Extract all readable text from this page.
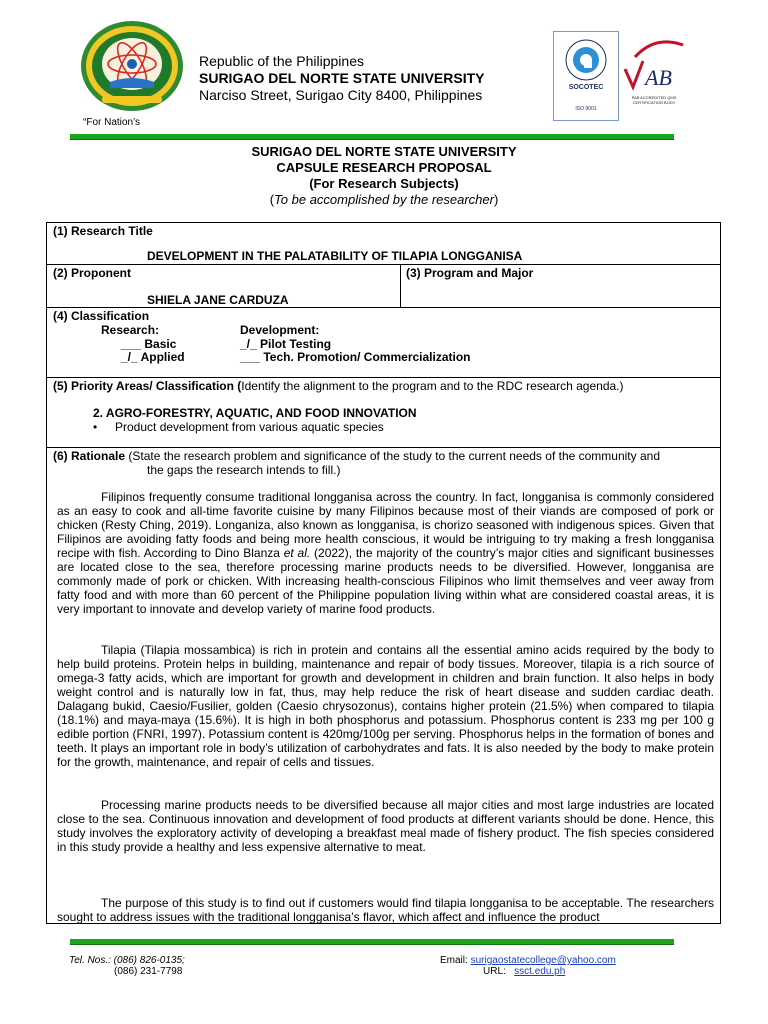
“For Nation’s
Republic of the Philippines
SURIGAO DEL NORTE STATE UNIVERSITY
Narciso Street, Surigao City 8400, Philippines	SOCOTEC
ISO 9001
AB
PAB ACCREDITED QMS CERTIFICATION BODY
SURIGAO DEL NORTE STATE UNIVERSITY
CAPSULE RESEARCH PROPOSAL
(For Research Subjects)
(To be accomplished by the researcher)
(1) Research Title
DEVELOPMENT IN THE PALATABILITY OF TILAPIA LONGGANISA
(2) Proponent
SHIELA JANE CARDUZA
(3) Program and Major
(4) Classification
Research:	Development:
___ Basic
_/_ Applied
_/_ Pilot Testing
___ Tech. Promotion/ Commercialization
(5) Priority Areas/ Classification (Identify the alignment to the program and to the RDC research agenda.)
2. AGRO-FORESTRY, AQUATIC, AND FOOD INNOVATION
• Product development from various aquatic species
(6) Rationale (State the research problem and significance of the study to the current needs of the community and
the gaps the research intends to fill.)
Filipinos frequently consume traditional longganisa across the country. In fact, longganisa is commonly considered as an easy to cook and all-time favorite cuisine by many Filipinos because most of their viands are composed of pork or chicken (Resty Ching, 2019). Longaniza, also known as longganisa, is chorizo seasoned with indigenous spices. Given that Filipinos are avoiding fatty foods and being more health conscious, it would be intriguing to try making a fresh longganisa recipe with fish. According to Dino Blanza et al. (2022), the majority of the country’s major cities and significant businesses are located close to the sea, therefore processing marine products needs to be diversified. However, longganisa are commonly made of pork or chicken. With increasing health-conscious Filipinos who limit themselves and veer away from fatty food and with more than 60 percent of the Philippine population living within what are considered coastal areas, it is very important to innovate and develop variety of marine food products.
Tilapia (Tilapia mossambica) is rich in protein and contains all the essential amino acids required by the body to help build proteins. Protein helps in building, maintenance and repair of body tissues. Moreover, tilapia is a rich source of omega-3 fatty acids, which are important for growth and development in children and brain function. It also helps in body weight control and is naturally low in fat, thus, may help reduce the risk of heart disease and sudden cardiac death. Dalagang bukid, Caesio/Fusilier, golden (Caesio chrysozonus), contains higher protein (21.5%) when compared to tilapia (18.1%) and maya-maya (15.6%). It is high in both phosphorus and potassium. Phosphorus content is 233 mg per 100 g edible portion (FNRI, 1997). Potassium content is 420mg/100g per serving. Phosphorus helps in the formation of bones and teeth. It plays an important role in body’s utilization of carbohydrates and fats. It is also needed by the body to make protein for the growth, maintenance, and repair of cells and tissues.
Processing marine products needs to be diversified because all major cities and most large industries are located close to the sea. Continuous innovation and development of food products at different variants should be done. Hence, this study involves the exploratory activity of developing a breakfast meal made of fishery product. The fish species considered in this study provide a healthy and less expensive alternative to meat.
The purpose of this study is to find out if customers would find tilapia longganisa to be acceptable. The researchers sought to address issues with the traditional longganisa’s flavor, which affect and influence the product
Tel. Nos.: (086) 826-0135;
(086) 231-7798
Email: surigaostatecollege@yahoo.com
URL: ssct.edu.ph
